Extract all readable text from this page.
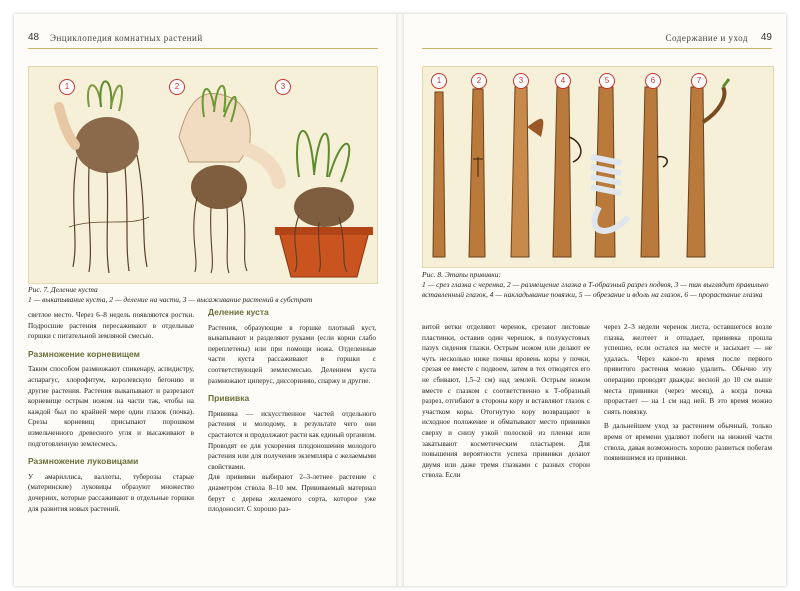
48 Энциклопедия комнатных растений
1	2	3
Рис. 7. Деление куста
1 — выкапывание куста, 2 — деление на части, 3 — высаживание растений в субстрат

светлое место. Через 6–8 недель появляются ростки. Подросшие растения пересаживают в отдельные горшки с питательной земляной смесью.

Размножение корневищем

Таким способом размножают спикенару, аспидистру, аспарагус, хлорофитум, королевскую бегонию и другие растения. Растения выкапывают и разрезают корневище острым ножом на части так, чтобы на каждой был по крайней мере один глазок (почка). Срезы корневищ присыпают порошком измельченного древесного угля и высаживают в подготовленную землесмесь.

Размножение луковицами

У амариллиса, валлоты, туберозы старые (материнские) луковицы образуют множество дочерних, которые рассаживают в отдельные горшки для развития новых растений.

Деление куста

Растения, образующие в горшке плотный куст, выкапывают и разделяют руками (если корни слабо переплетены) или при помощи ножа. Отделенные части куста рассаживают в горшки с соответствующей землесмесью. Делением куста размножают циперус, диссоринию, спаржу и другие.

Прививка

Прививка — искусственное частей отдельного растения и молодому, в результате чего они срастаются и продолжают расти как единый организм. Проводят ее для ускорения плодоношения молодого растения или для получения экземпляра с желаемыми свойствами.

Для прививки выбирают 2–3-летнее растение с диаметром ствола 8–10 мм. Прививаемый материал берут с дерева желаемого сорта, которое уже плодоносит. С хорошо раз-

Содержание и уход 49
1	2	3	4	5	6	7
Рис. 8. Этапы прививки:
1 — срез глазка с черенка, 2 — размещение глазка в Т-образный разрез подвоя, 3 — так выглядит правильно вставленный глазок, 4 — накладывание повязки, 5 — обрезание и вдоль на глазок, 6 — прорастание глазка

витой ветки отделяют черенок, срезают листовые пластинки, оставив один черешок, в полукустовых пазух сидения глазки. Острым ножом или делают ее чуть несколько ниже почвы вровень коры у почки, срезая ее вместе с подвоем, затем в тех отводятся его не сбивают, 1,5–2 см) над землей. Острым ножом вместе с глазком с соответственно к Т-образный разрез, отгибают в стороны кору и вставляют глазок с участком коры. Отогнутую кору возвращают в исходное положение и обматывают место прививки сверху и снизу узкой полоской из пленки или закатывают косметическим пластырем. Для повышения вероятности успеха прививки делают двумя или даже тремя глазками с разных сторон ствола. Если

через 2–3 недели черенок листа, оставшегося возле глазка, желтеет и отпадает, прививка прошла успешно, если остался на месте и засыхает — не удалась. Через какое-то время после первого привитого растения можно удалить. Обычно эту операцию проводят дважды: весной до 10 см выше места прививки (через месяц), а когда почка прорастает — на 1 см над ней. В это время можно снять повязку.

В дальнейшем уход за растением обычный, только время от времени удаляют побеги на нижней части ствола, давая возможность хорошо развиться побегам появившимся из прививки.
